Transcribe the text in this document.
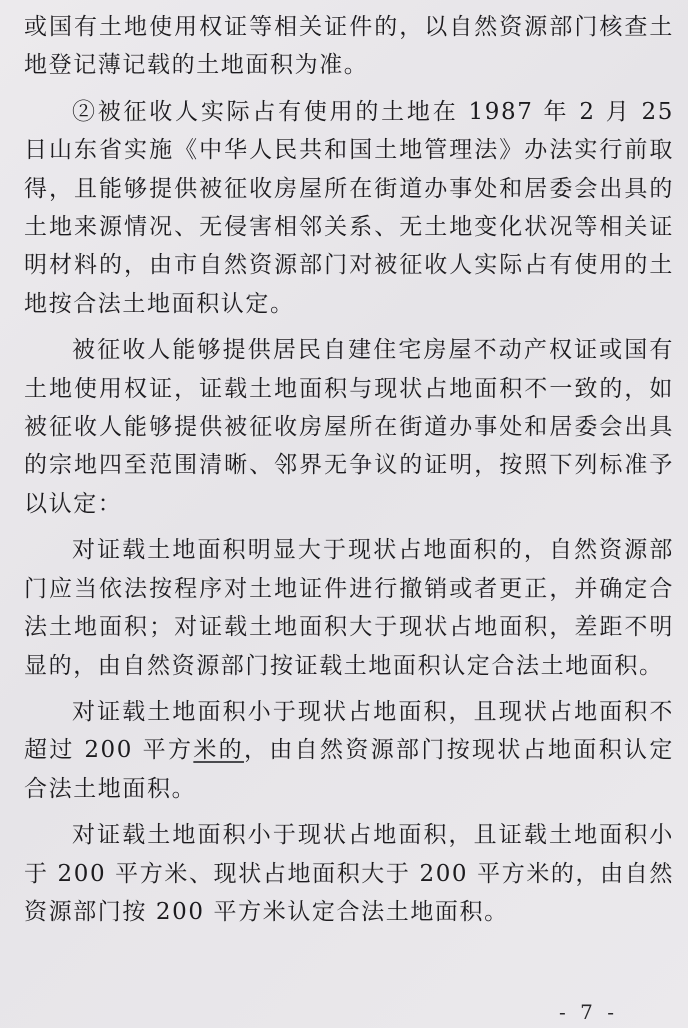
或国有土地使用权证等相关证件的，以自然资源部门核查土地登记薄记载的土地面积为准。

②被征收人实际占有使用的土地在 1987 年 2 月 25 日山东省实施《中华人民共和国土地管理法》办法实行前取得，且能够提供被征收房屋所在街道办事处和居委会出具的土地来源情况、无侵害相邻关系、无土地变化状况等相关证明材料的，由市自然资源部门对被征收人实际占有使用的土地按合法土地面积认定。

被征收人能够提供居民自建住宅房屋不动产权证或国有土地使用权证，证载土地面积与现状占地面积不一致的，如被征收人能够提供被征收房屋所在街道办事处和居委会出具的宗地四至范围清晰、邻界无争议的证明，按照下列标准予以认定：

对证载土地面积明显大于现状占地面积的，自然资源部门应当依法按程序对土地证件进行撤销或者更正，并确定合法土地面积；对证载土地面积大于现状占地面积，差距不明显的，由自然资源部门按证载土地面积认定合法土地面积。

对证载土地面积小于现状占地面积，且现状占地面积不超过 200 平方米的，由自然资源部门按现状占地面积认定合法土地面积。

对证载土地面积小于现状占地面积，且证载土地面积小于 200 平方米、现状占地面积大于 200 平方米的，由自然资源部门按 200 平方米认定合法土地面积。

- 7 -
